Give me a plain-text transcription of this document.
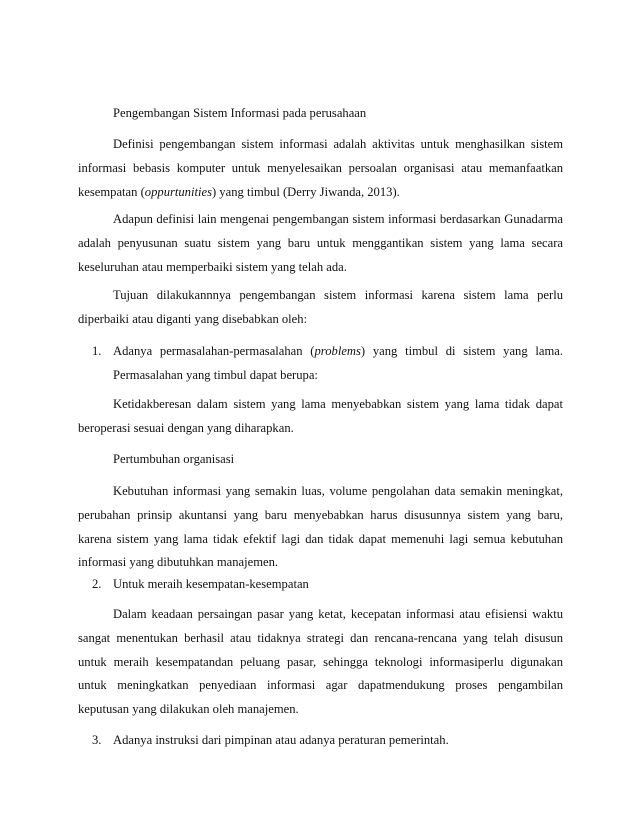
Pengembangan Sistem Informasi pada perusahaan

Definisi pengembangan sistem informasi adalah aktivitas untuk menghasilkan sistem informasi bebasis komputer untuk menyelesaikan persoalan organisasi atau memanfaatkan kesempatan (oppurtunities) yang timbul (Derry Jiwanda, 2013).

Adapun definisi lain mengenai pengembangan sistem informasi berdasarkan Gunadarma adalah penyusunan suatu sistem yang baru untuk menggantikan sistem yang lama secara keseluruhan atau memperbaiki sistem yang telah ada.

Tujuan dilakukannnya pengembangan sistem informasi karena sistem lama perlu diperbaiki atau diganti yang disebabkan oleh:

1. Adanya permasalahan-permasalahan (problems) yang timbul di sistem yang lama. Permasalahan yang timbul dapat berupa:

Ketidakberesan dalam sistem yang lama menyebabkan sistem yang lama tidak dapat beroperasi sesuai dengan yang diharapkan.

Pertumbuhan organisasi

Kebutuhan informasi yang semakin luas, volume pengolahan data semakin meningkat, perubahan prinsip akuntansi yang baru menyebabkan harus disusunnya sistem yang baru, karena sistem yang lama tidak efektif lagi dan tidak dapat memenuhi lagi semua kebutuhan informasi yang dibutuhkan manajemen.

2. Untuk meraih kesempatan-kesempatan

Dalam keadaan persaingan pasar yang ketat, kecepatan informasi atau efisiensi waktu sangat menentukan berhasil atau tidaknya strategi dan rencana-rencana yang telah disusun untuk meraih kesempatandan peluang pasar, sehingga teknologi informasiperlu digunakan untuk meningkatkan penyediaan informasi agar dapatmendukung proses pengambilan keputusan yang dilakukan oleh manajemen.

3. Adanya instruksi dari pimpinan atau adanya peraturan pemerintah.
